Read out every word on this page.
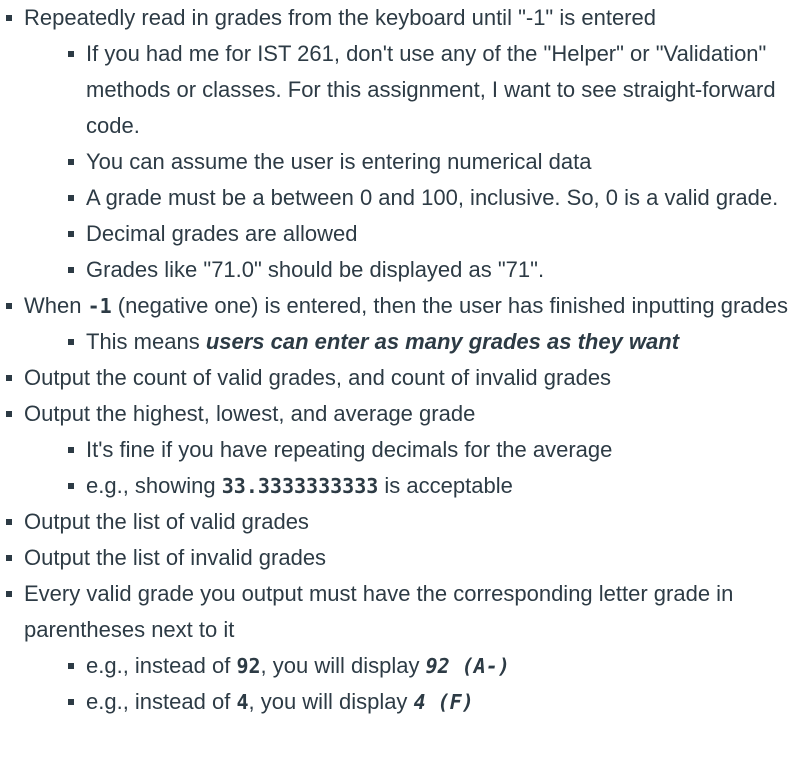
Repeatedly read in grades from the keyboard until "-1" is entered
If you had me for IST 261, don't use any of the "Helper" or "Validation" methods or classes. For this assignment, I want to see straight-forward code.
You can assume the user is entering numerical data
A grade must be a between 0 and 100, inclusive. So, 0 is a valid grade.
Decimal grades are allowed
Grades like "71.0" should be displayed as "71".
When -1 (negative one) is entered, then the user has finished inputting grades
This means users can enter as many grades as they want
Output the count of valid grades, and count of invalid grades
Output the highest, lowest, and average grade
It's fine if you have repeating decimals for the average
e.g., showing 33.3333333333 is acceptable
Output the list of valid grades
Output the list of invalid grades
Every valid grade you output must have the corresponding letter grade in parentheses next to it
e.g., instead of 92, you will display 92 (A-)
e.g., instead of 4, you will display 4 (F)
